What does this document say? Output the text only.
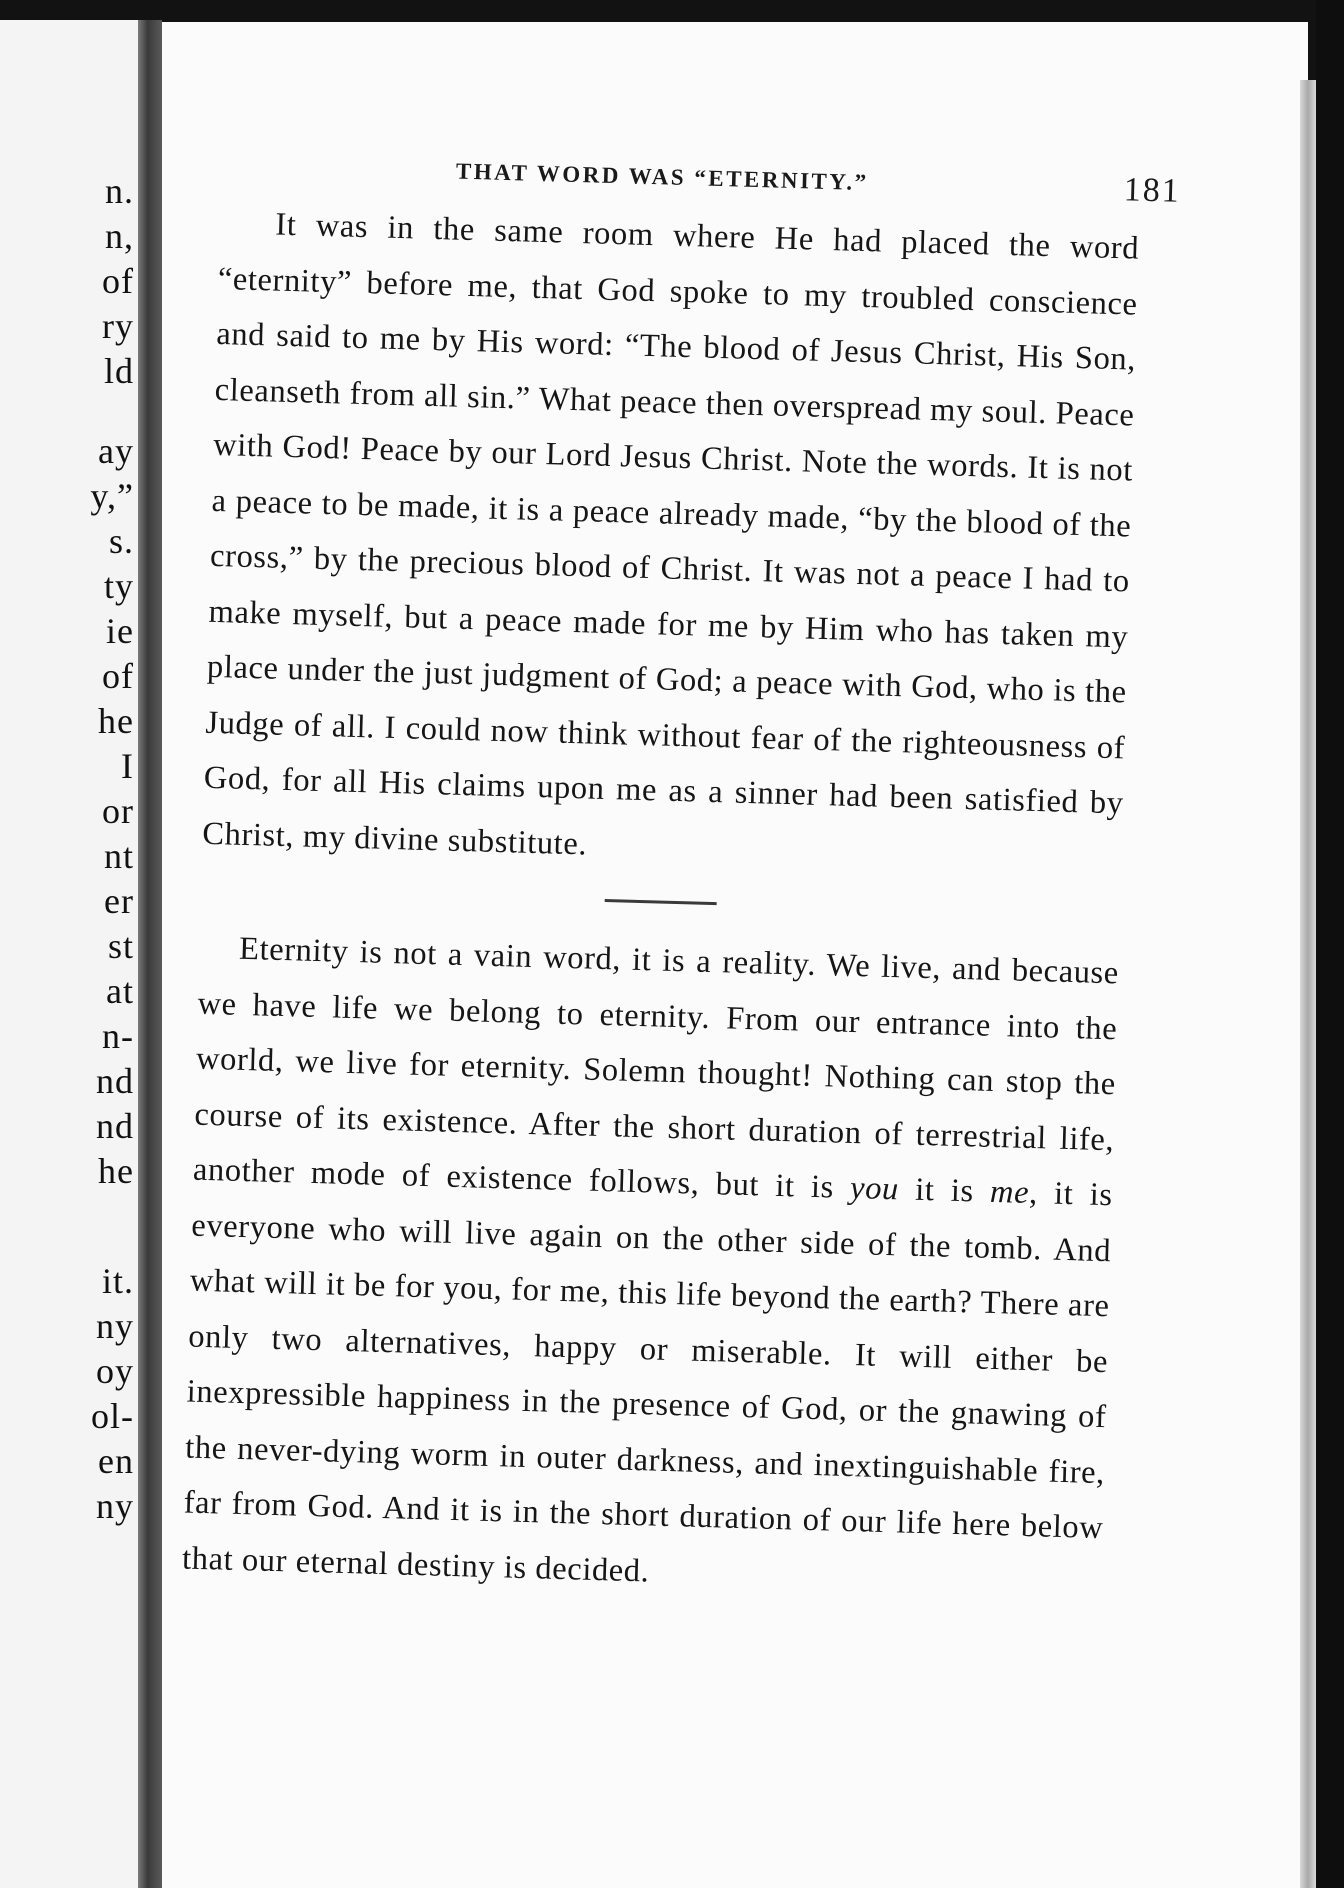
n.
n,
of
ry
ld
ay
y,”
s.
ty
ie
of
he
I
or
nt
er
st
at
n-
nd
nd
he
it.
ny
oy
ol-
en
ny
THAT WORD WAS “ETERNITY.”	181

It was in the same room where He had placed the word “eternity” before me, that God spoke to my troubled conscience and said to me by His word: “The blood of Jesus Christ, His Son, cleanseth from all sin.” What peace then overspread my soul. Peace with God! Peace by our Lord Jesus Christ. Note the words. It is not a peace to be made, it is a peace already made, “by the blood of the cross,” by the precious blood of Christ. It was not a peace I had to make myself, but a peace made for me by Him who has taken my place under the just judgment of God; a peace with God, who is the Judge of all. I could now think without fear of the righteousness of God, for all His claims upon me as a sinner had been satisfied by Christ, my divine substitute.

Eternity is not a vain word, it is a reality. We live, and because we have life we belong to eternity. From our entrance into the world, we live for eternity. Solemn thought! Nothing can stop the course of its existence. After the short duration of terrestrial life, another mode of existence follows, but it is you it is me, it is everyone who will live again on the other side of the tomb. And what will it be for you, for me, this life beyond the earth? There are only two alternatives, happy or miserable. It will either be inexpressible happiness in the presence of God, or the gnawing of the never-dying worm in outer darkness, and inextinguishable fire, far from God. And it is in the short duration of our life here below that our eternal destiny is decided.
